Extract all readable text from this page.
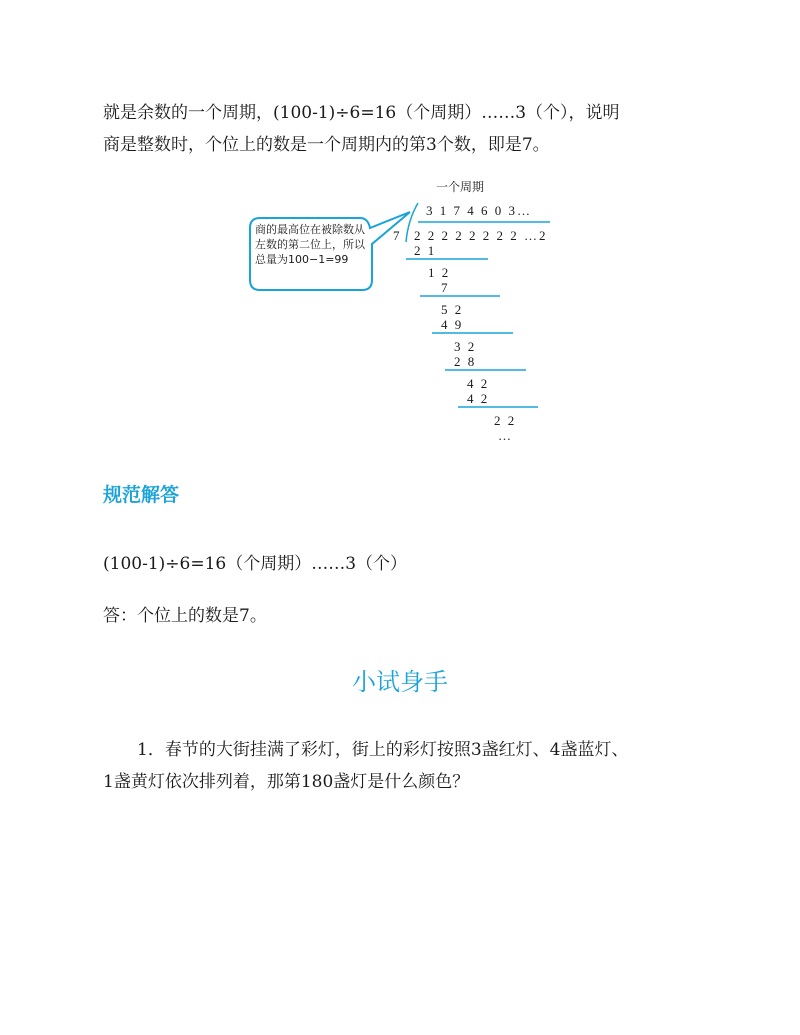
就是余数的一个周期，(100-1)÷6=16（个周期）……3（个），说明
商是整数时，个位上的数是一个周期内的第3个数，即是7。
商的最高位在被除数从左数的第二位上，所以总量为100−1=99
一个周期
3 1 7 4 6 0 3…
7 2 2 2 2 2 2 2 2 …2
2 1
1 2
7
5 2
4 9
3 2
2 8
4 2
4 2
2 2
…
规范解答
(100-1)÷6=16（个周期）……3（个）
答：个位上的数是7。
小试身手
1．春节的大街挂满了彩灯，街上的彩灯按照3盏红灯、4盏蓝灯、
1盏黄灯依次排列着，那第180盏灯是什么颜色？
